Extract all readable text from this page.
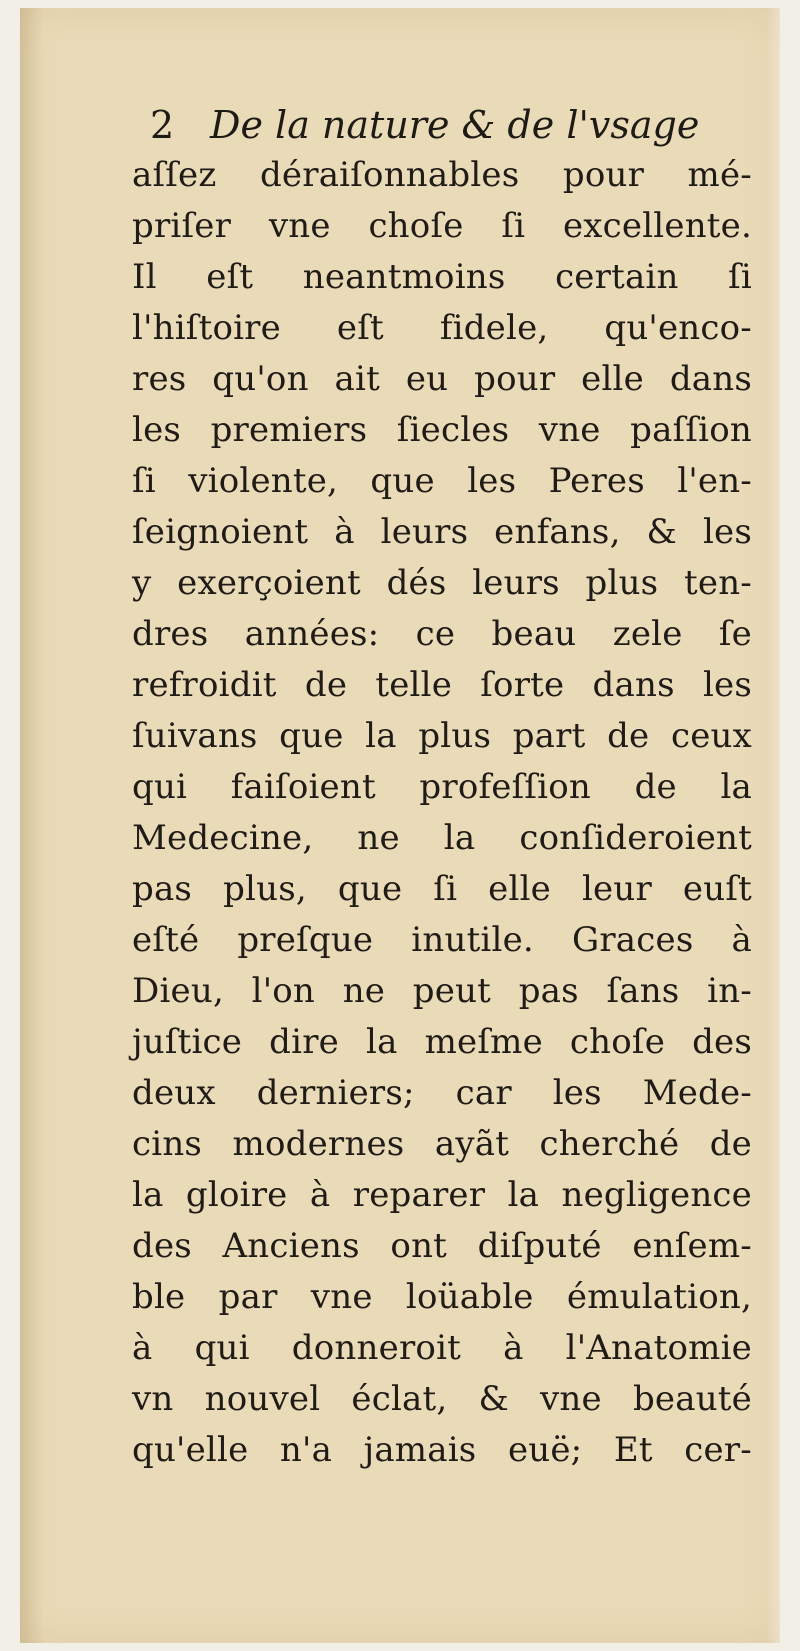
2 De la nature & de l'vsage
aſſez déraiſonnables pour mé-
priſer vne choſe ſi excellente.
Il eſt neantmoins certain ſi
l'hiſtoire eſt fidele, qu'enco-
res qu'on ait eu pour elle dans
les premiers ſiecles vne paſſion
ſi violente, que les Peres l'en-
ſeignoient à leurs enfans, & les
y exerçoient dés leurs plus ten-
dres années: ce beau zele ſe
refroidit de telle ſorte dans les
ſuivans que la plus part de ceux
qui faiſoient profeſſion de la
Medecine, ne la conſideroient
pas plus, que ſi elle leur euſt
eſté preſque inutile. Graces à
Dieu, l'on ne peut pas ſans in-
juſtice dire la meſme choſe des
deux derniers; car les Mede-
cins modernes ayãt cherché de
la gloire à reparer la negligence
des Anciens ont diſputé enſem-
ble par vne loüable émulation,
à qui donneroit à l'Anatomie
vn nouvel éclat, & vne beauté
qu'elle n'a jamais euë; Et cer-
